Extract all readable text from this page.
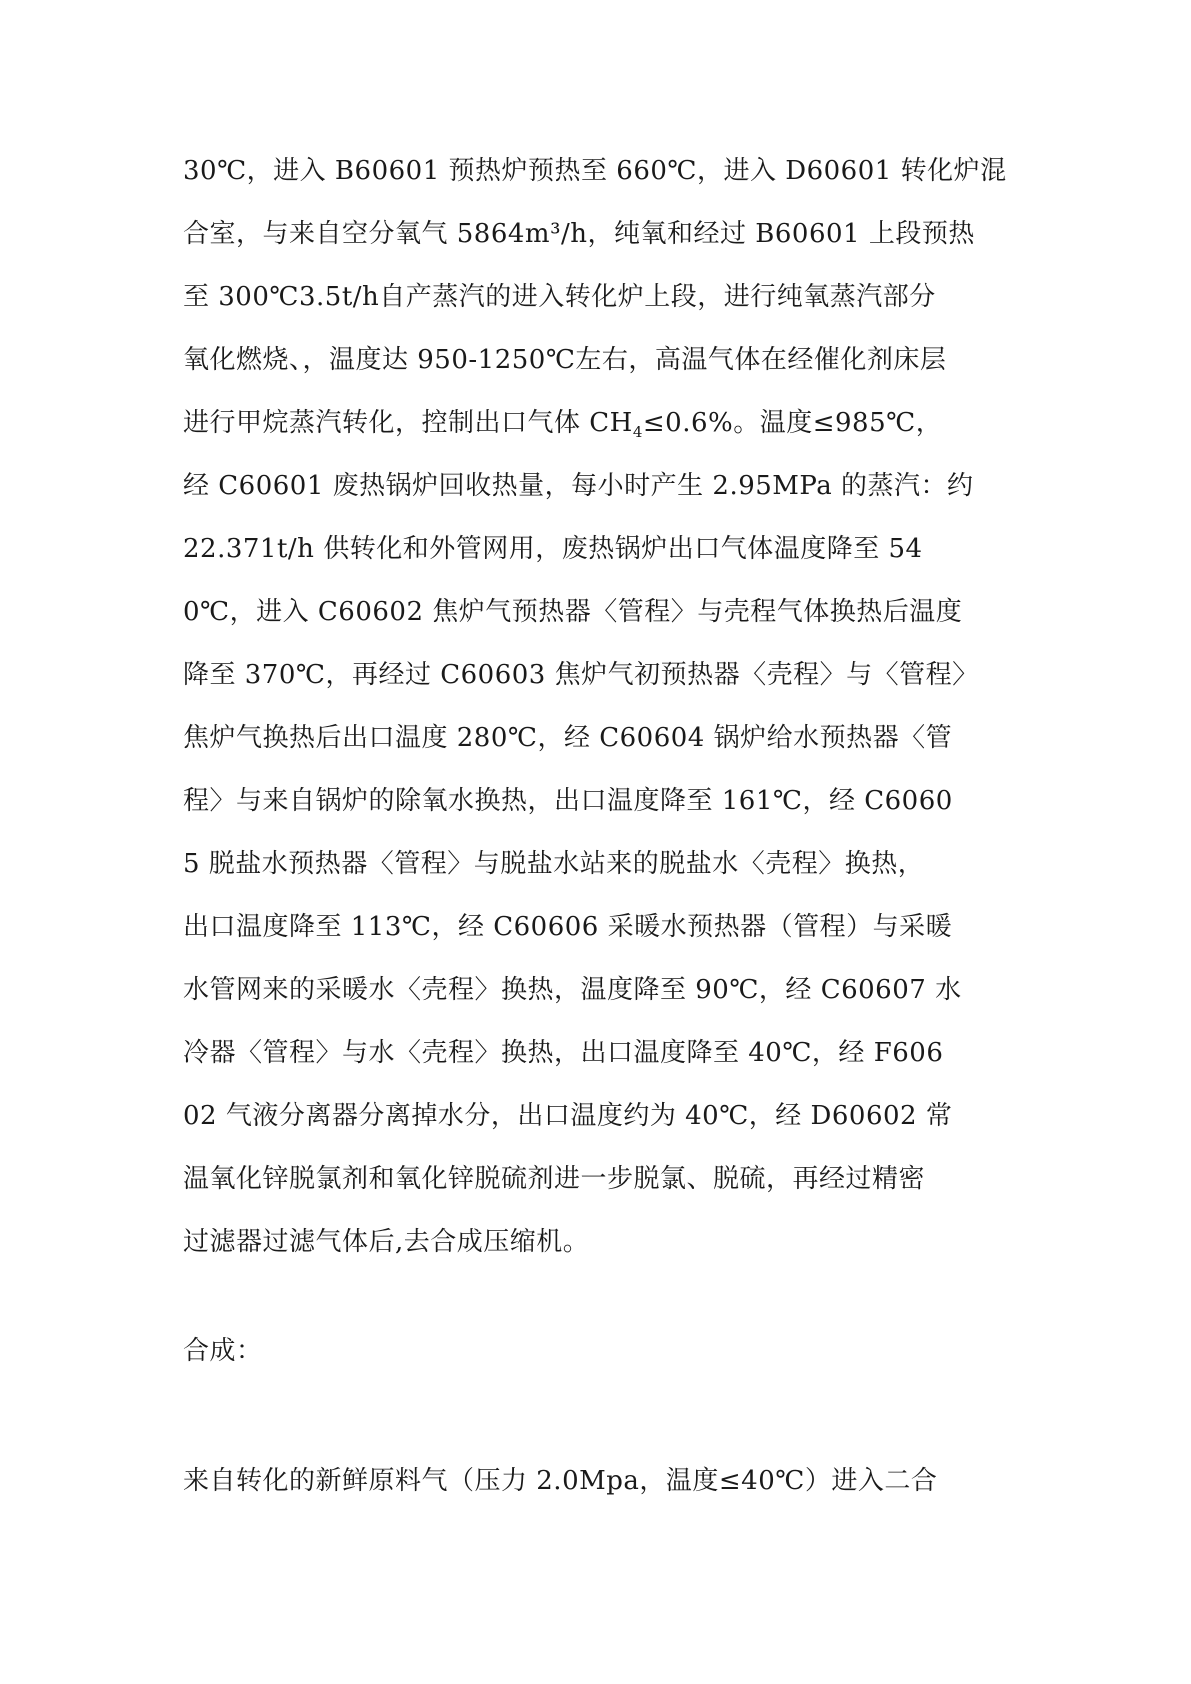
30℃，进入 B60601 预热炉预热至 660℃，进入 D60601 转化炉混
合室，与来自空分氧气 5864m³/h，纯氧和经过 B60601 上段预热
至 300℃3.5t/h自产蒸汽的进入转化炉上段，进行纯氧蒸汽部分
氧化燃烧、，温度达 950-1250℃左右，高温气体在经催化剂床层
进行甲烷蒸汽转化，控制出口气体 $CH_4\le 0.6\%$。温度≤985℃，
经 C60601 废热锅炉回收热量，每小时产生 2.95MPa 的蒸汽：约
22.371t/h 供转化和外管网用，废热锅炉出口气体温度降至 54
0℃，进入 C60602 焦炉气预热器〈管程〉与壳程气体换热后温度
降至 370℃，再经过 C60603 焦炉气初预热器〈壳程〉与〈管程〉
焦炉气换热后出口温度 280℃，经 C60604 锅炉给水预热器〈管
程〉与来自锅炉的除氧水换热，出口温度降至 161℃，经 C6060
5 脱盐水预热器〈管程〉与脱盐水站来的脱盐水〈壳程〉换热，
出口温度降至 113℃，经 C60606 采暖水预热器（管程）与采暖
水管网来的采暖水〈壳程〉换热，温度降至 90℃，经 C60607 水
冷器〈管程〉与水〈壳程〉换热，出口温度降至 40℃，经 F606
02 气液分离器分离掉水分，出口温度约为 40℃，经 D60602 常
温氧化锌脱氯剂和氧化锌脱硫剂进一步脱氯、脱硫，再经过精密
过滤器过滤气体后,去合成压缩机。
合成：
来自转化的新鲜原料气（压力 2.0Mpa，温度≤40℃）进入二合
